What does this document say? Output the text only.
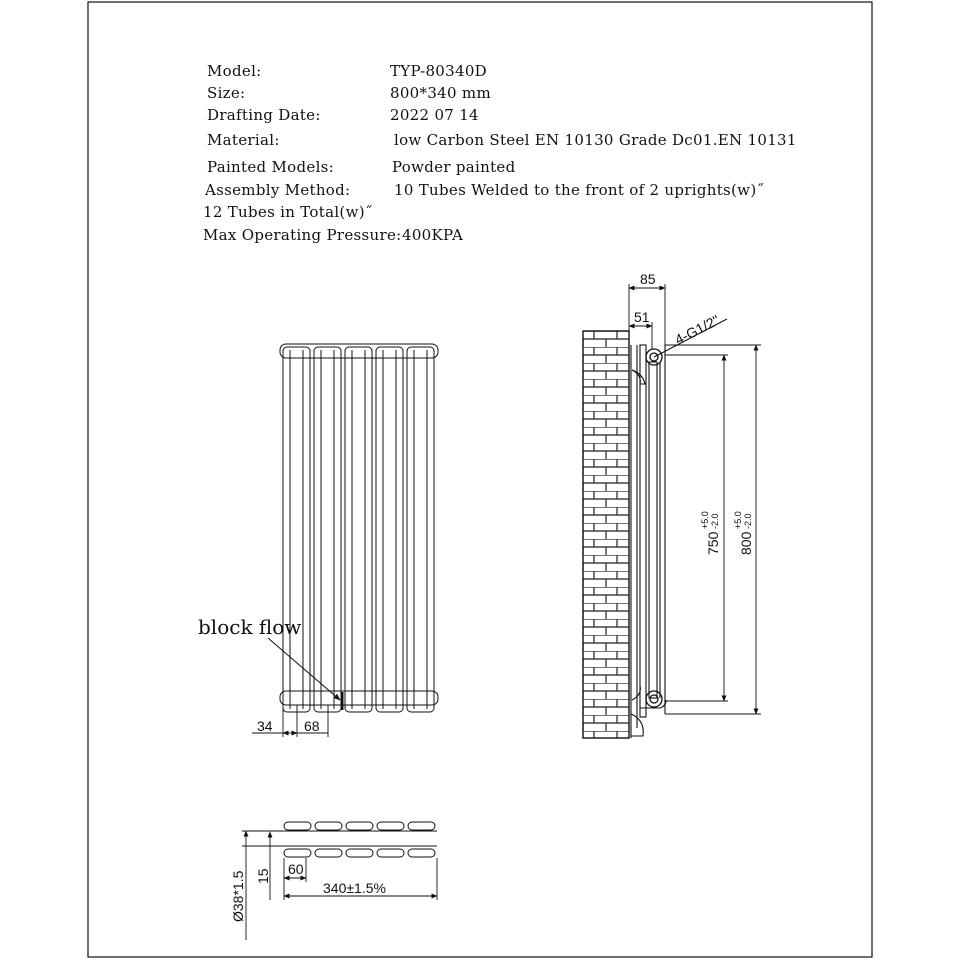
Model:	TYP-80340D
Size:	800*340 mm
Drafting Date:	2022 07 14
Material:	low Carbon Steel EN 10130 Grade Dc01.EN 10131
Painted Models:	Powder painted
Assembly Method:	10 Tubes Welded to the front of 2 uprights(w)˝
12 Tubes in Total(w)˝
Max Operating Pressure: 400KPA
block flow
34 68
4-G1/2"
85
51
750
+5.0 -2.0
800
+5.0 -2.0
Ø38*1.5 15 60
340±1.5%
